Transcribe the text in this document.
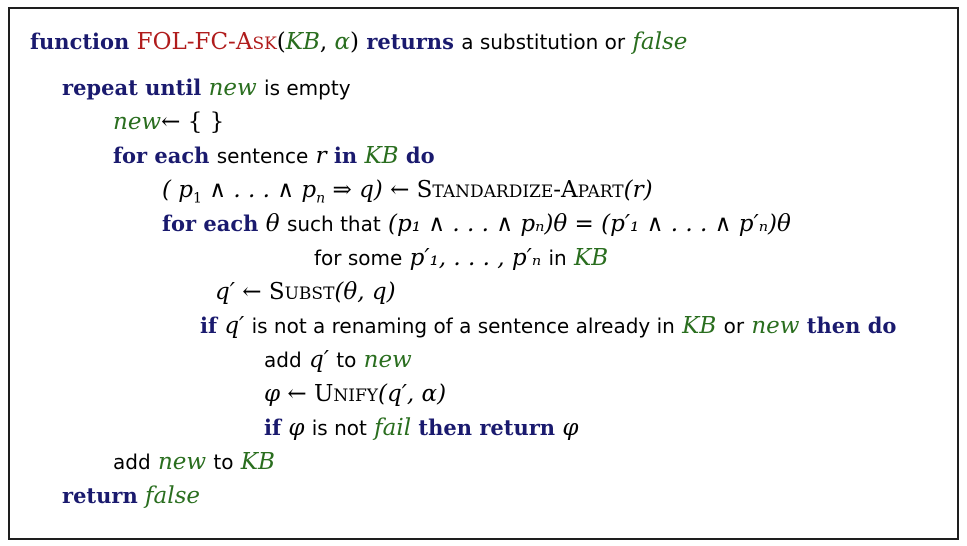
function FOL-FC-ASK(KB, α) returns a substitution or false
repeat until new is empty
new← { }
for each sentence r in KB do
( $p_1$ ∧ . . . ∧ $p_n$ ⇒ q) ← STANDARDIZE-APART(r)
for each θ such that (p₁ ∧ . . . ∧ pₙ)θ = (p′₁ ∧ . . . ∧ p′ₙ)θ
for some p′₁, . . . , p′ₙ in KB
q′ ← SUBST(θ, q)
if q′ is not a renaming of a sentence already in KB or new then do
add q′ to new
φ ← UNIFY(q′, α)
if φ is not fail then return φ
add new to KB
return false
